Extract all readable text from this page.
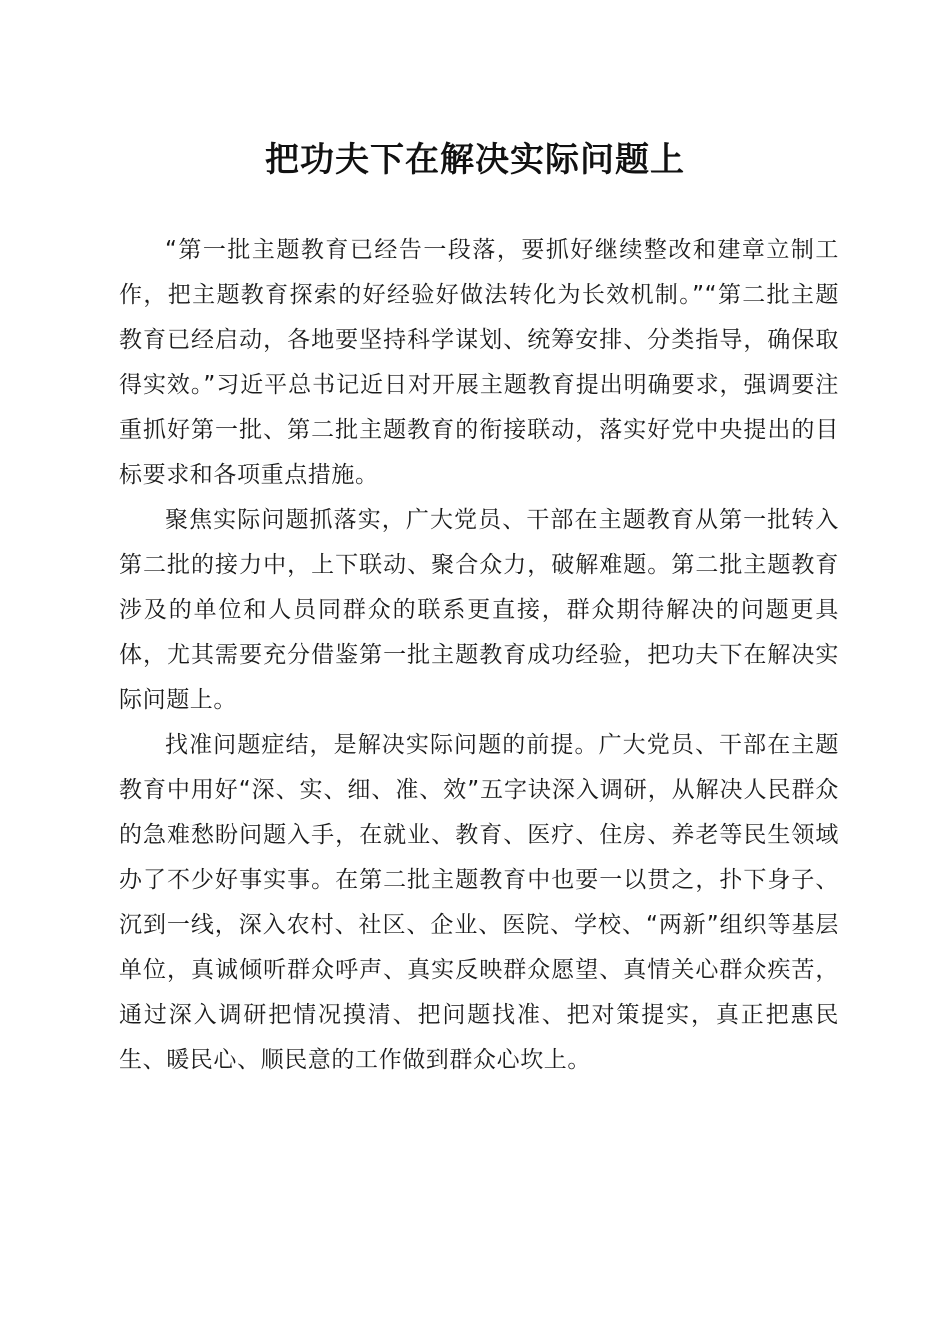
把功夫下在解决实际问题上

“第一批主题教育已经告一段落，要抓好继续整改和建章立制工作，把主题教育探索的好经验好做法转化为长效机制。”“第二批主题教育已经启动，各地要坚持科学谋划、统筹安排、分类指导，确保取得实效。”习近平总书记近日对开展主题教育提出明确要求，强调要注重抓好第一批、第二批主题教育的衔接联动，落实好党中央提出的目标要求和各项重点措施。

聚焦实际问题抓落实，广大党员、干部在主题教育从第一批转入第二批的接力中，上下联动、聚合众力，破解难题。第二批主题教育涉及的单位和人员同群众的联系更直接，群众期待解决的问题更具体，尤其需要充分借鉴第一批主题教育成功经验，把功夫下在解决实际问题上。

找准问题症结，是解决实际问题的前提。广大党员、干部在主题教育中用好“深、实、细、准、效”五字诀深入调研，从解决人民群众的急难愁盼问题入手，在就业、教育、医疗、住房、养老等民生领域办了不少好事实事。在第二批主题教育中也要一以贯之，扑下身子、沉到一线，深入农村、社区、企业、医院、学校、“两新”组织等基层单位，真诚倾听群众呼声、真实反映群众愿望、真情关心群众疾苦，通过深入调研把情况摸清、把问题找准、把对策提实，真正把惠民生、暖民心、顺民意的工作做到群众心坎上。
